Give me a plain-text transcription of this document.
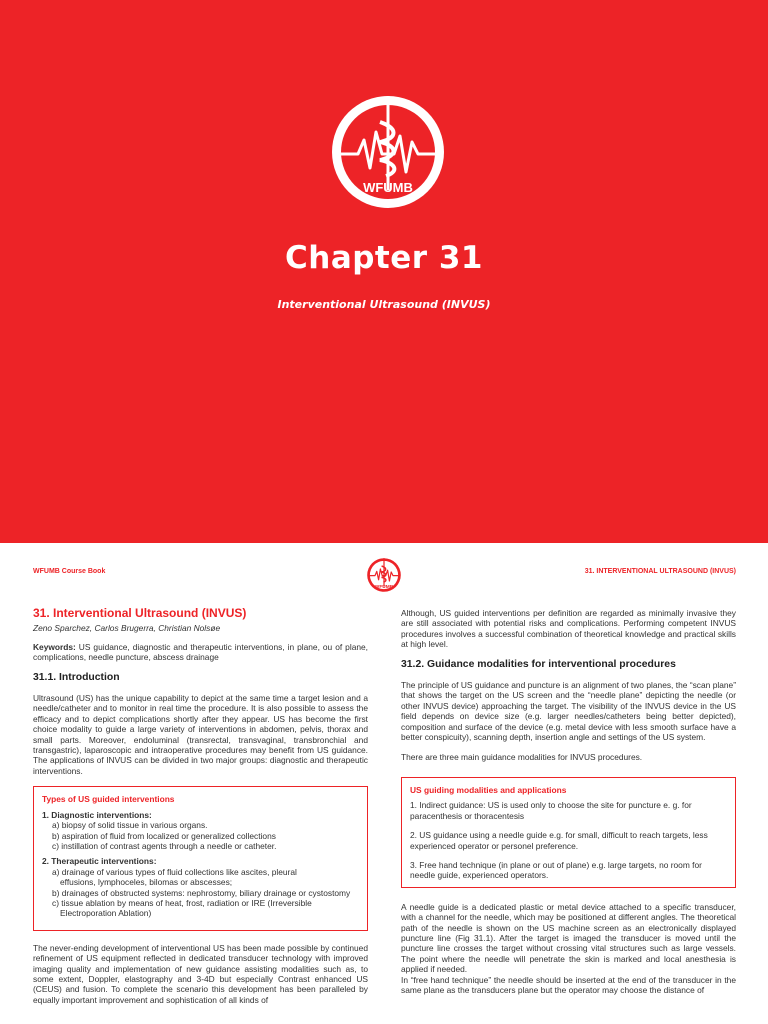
WFUMB
Chapter 31
Interventional Ultrasound (INVUS)
WFUMB Course Book
WFUMB
31. INTERVENTIONAL ULTRASOUND (INVUS)
31. Interventional Ultrasound (INVUS)
Zeno Sparchez, Carlos Brugerra, Christian Nolsøe

Keywords: US guidance, diagnostic and therapeutic interventions, in plane, ou of plane, complications, needle puncture, abscess drainage

31.1. Introduction

Ultrasound (US) has the unique capability to depict at the same time a target lesion and a needle/catheter and to monitor in real time the procedure. It is also possible to assess the efficacy and to depict complications shortly after they appear. US has become the first choice modality to guide a large variety of interventions in abdomen, pelvis, thorax and small parts. Moreover, endoluminal (transrectal, transvaginal, transbronchial and transgastric), laparoscopic and intraoperative procedures may benefit from US guidance. The applications of INVUS can be divided in two major groups: diagnostic and therapeutic interventions.

Types of US guided interventions
1. Diagnostic interventions:
a) biopsy of solid tissue in various organs.
b) aspiration of fluid from localized or generalized collections
c) instillation of contrast agents through a needle or catheter.
2. Therapeutic interventions:
a) drainage of various types of fluid collections like ascites, pleural
effusions, lymphoceles, bilomas or abscesses;
b) drainages of obstructed systems: nephrostomy, biliary drainage or cystostomy
c) tissue ablation by means of heat, frost, radiation or IRE (Irreversible
Electroporation Ablation)

The never-ending development of interventional US has been made possible by continued refinement of US equipment reflected in dedicated transducer technology with improved imaging quality and implementation of new guidance assisting modalities such as, to some extent, Doppler, elastography and 3-4D but especially Contrast enhanced US (CEUS) and fusion. To complete the scenario this development has been paralleled by equally important improvement and sophistication of all kinds of

Although, US guided interventions per definition are regarded as minimally invasive they are still associated with potential risks and complications. Performing competent INVUS procedures involves a successful combination of theoretical knowledge and practical skills at high level.

31.2. Guidance modalities for interventional procedures

The principle of US guidance and puncture is an alignment of two planes, the “scan plane” that shows the target on the US screen and the “needle plane” depicting the needle (or other INVUS device) approaching the target. The visibility of the INVUS device in the US field depends on device size (e.g. larger needles/catheters being better depicted), composition and surface of the device (e.g. metal device with less smooth surface have a better conspicuity), scanning depth, insertion angle and settings of the US system.

There are three main guidance modalities for INVUS procedures.

US guiding modalities and applications

1. Indirect guidance: US is used only to choose the site for puncture e. g. for paracenthesis or thoracentesis

2. US guidance using a needle guide e.g. for small, difficult to reach targets, less experienced operator or personel preference.

3. Free hand technique (in plane or out of plane) e.g. large targets, no room for needle guide, experienced operators.

A needle guide is a dedicated plastic or metal device attached to a specific transducer, with a channel for the needle, which may be positioned at different angles. The theoretical path of the needle is shown on the US machine screen as an electronically displayed puncture line (Fig 31.1). After the target is imaged the transducer is moved until the puncture line crosses the target without crossing vital structures such as large vessels. The point where the needle will penetrate the skin is marked and local anesthesia is applied if needed.

In “free hand technique” the needle should be inserted at the end of the transducer in the same plane as the transducers plane but the operator may choose the distance of
